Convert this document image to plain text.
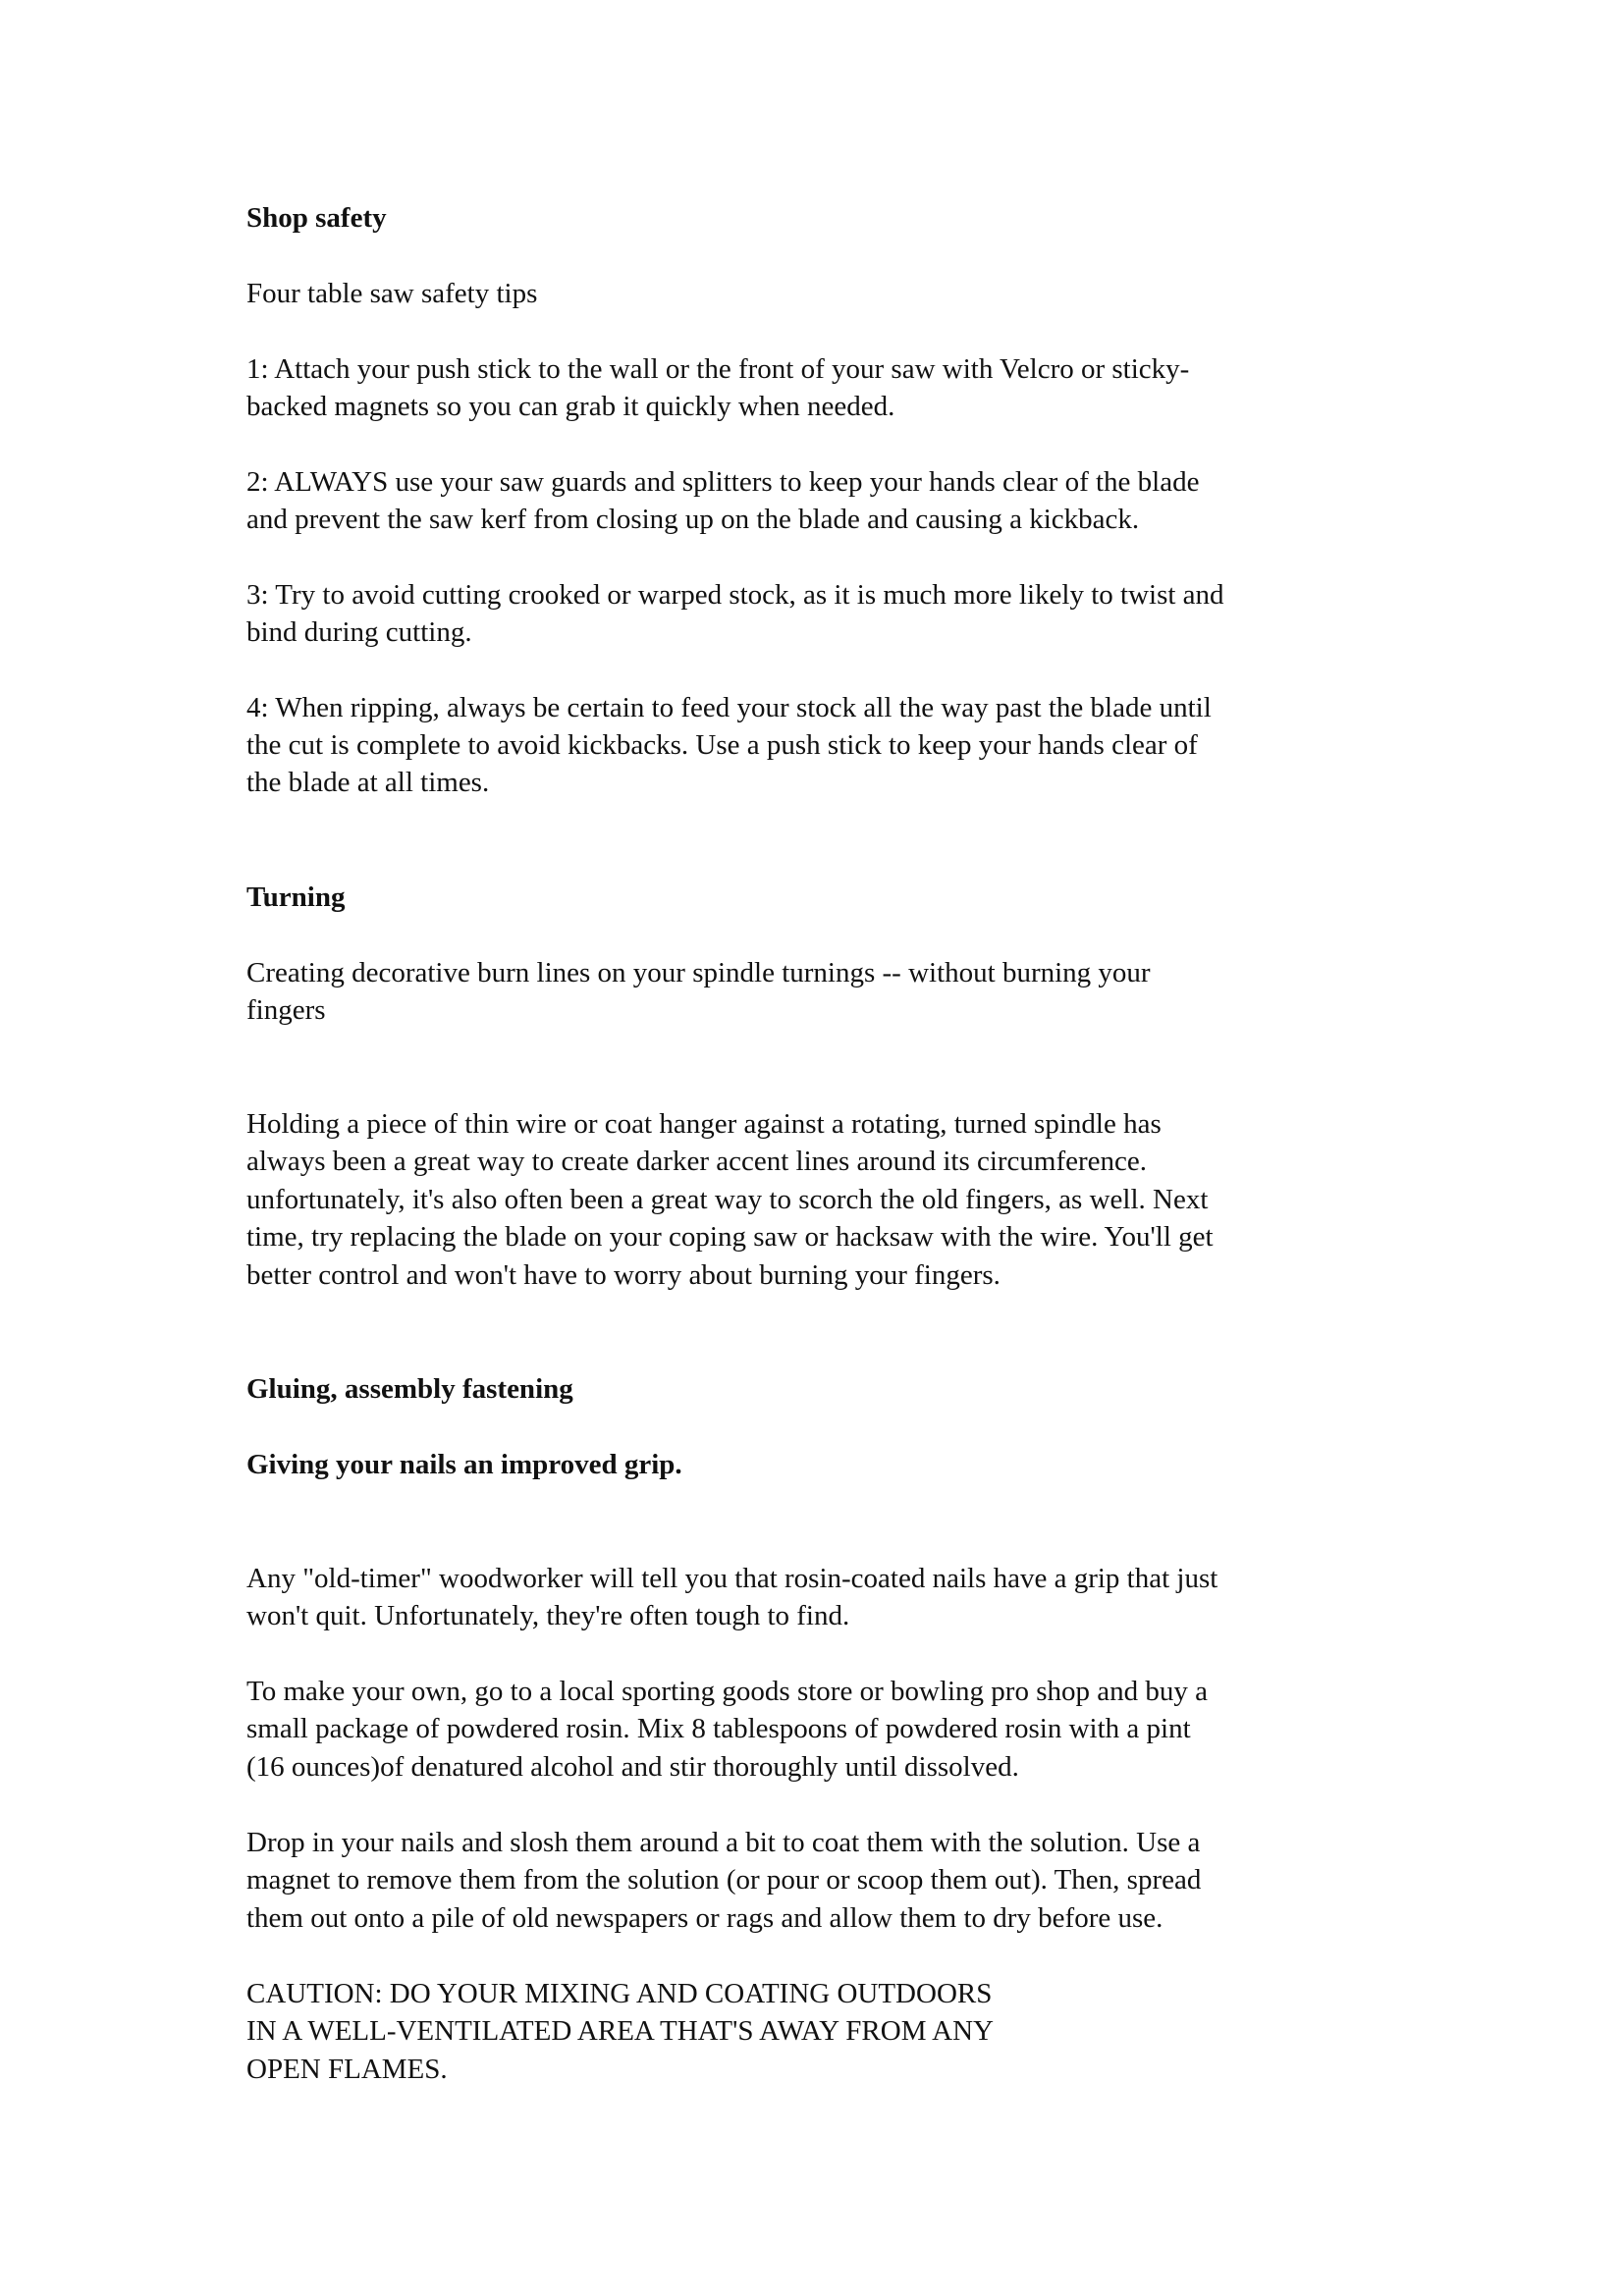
Shop safety
Four table saw safety tips
1: Attach your push stick to the wall or the front of your saw with Velcro or sticky-
backed magnets so you can grab it quickly when needed.
2: ALWAYS use your saw guards and splitters to keep your hands clear of the blade
and prevent the saw kerf from closing up on the blade and causing a kickback.
3: Try to avoid cutting crooked or warped stock, as it is much more likely to twist and
bind during cutting.
4: When ripping, always be certain to feed your stock all the way past the blade until
the cut is complete to avoid kickbacks. Use a push stick to keep your hands clear of
the blade at all times.
Turning
Creating decorative burn lines on your spindle turnings -- without burning your
fingers
Holding a piece of thin wire or coat hanger against a rotating, turned spindle has
always been a great way to create darker accent lines around its circumference.
unfortunately, it's also often been a great way to scorch the old fingers, as well. Next
time, try replacing the blade on your coping saw or hacksaw with the wire. You'll get
better control and won't have to worry about burning your fingers.
Gluing, assembly fastening
Giving your nails an improved grip.
Any "old-timer" woodworker will tell you that rosin-coated nails have a grip that just
won't quit. Unfortunately, they're often tough to find.
To make your own, go to a local sporting goods store or bowling pro shop and buy a
small package of powdered rosin. Mix 8 tablespoons of powdered rosin with a pint
(16 ounces)of denatured alcohol and stir thoroughly until dissolved.
Drop in your nails and slosh them around a bit to coat them with the solution. Use a
magnet to remove them from the solution (or pour or scoop them out). Then, spread
them out onto a pile of old newspapers or rags and allow them to dry before use.
CAUTION: DO YOUR MIXING AND COATING OUTDOORS
IN A WELL-VENTILATED AREA THAT'S AWAY FROM ANY
OPEN FLAMES.
